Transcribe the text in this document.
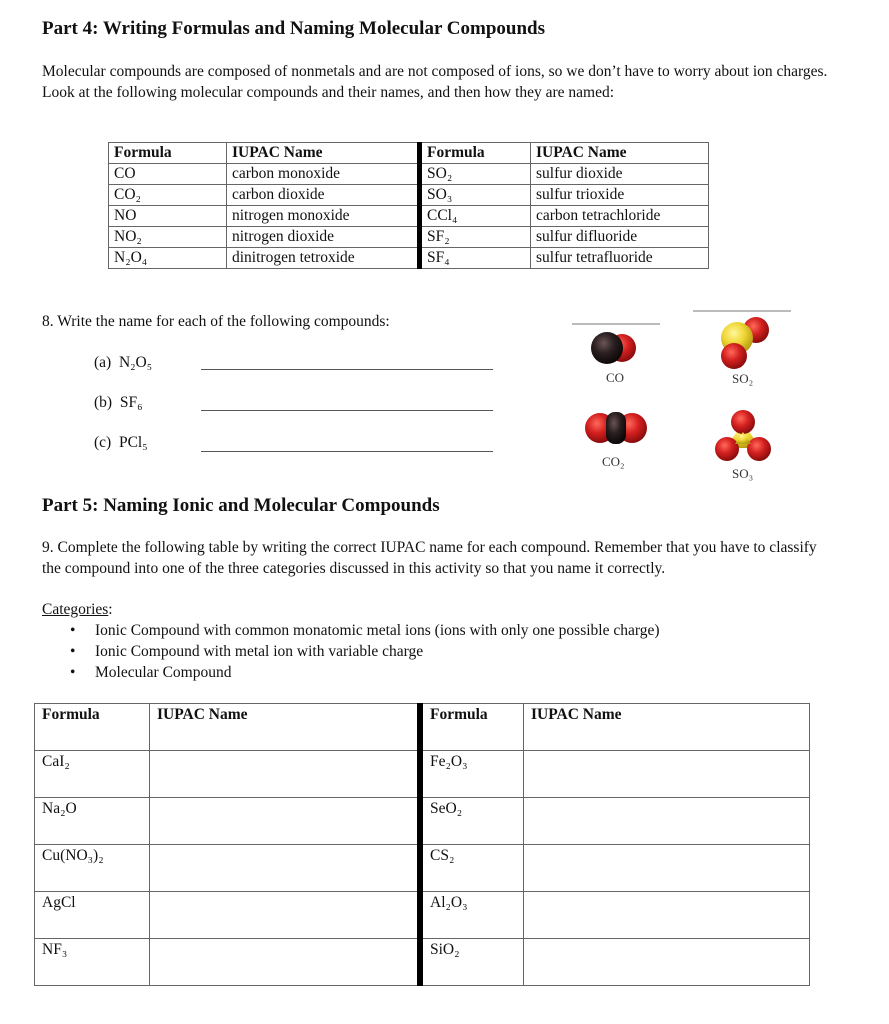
Part 4: Writing Formulas and Naming Molecular Compounds

Molecular compounds are composed of nonmetals and are not composed of ions, so we don’t have to worry about ion charges. Look at the following molecular compounds and their names, and then how they are named:

Formula	IUPAC Name	Formula	IUPAC Name
CO	carbon monoxide	SO₂	sulfur dioxide
CO₂	carbon dioxide	SO₃	sulfur trioxide
NO	nitrogen monoxide	CCl₄	carbon tetrachloride
NO₂	nitrogen dioxide	SF₂	sulfur difluoride
N₂O₄	dinitrogen tetroxide	SF₄	sulfur tetrafluoride

8. Write the name for each of the following compounds:

(a) N₂O₅
(b) SF₆
(c) PCl₅
CO	SO₂
CO₂
SO₃
Part 5: Naming Ionic and Molecular Compounds

9. Complete the following table by writing the correct IUPAC name for each compound. Remember that you have to classify the compound into one of the three categories discussed in this activity so that you name it correctly.

Categories:
• Ionic Compound with common monatomic metal ions (ions with only one possible charge)
• Ionic Compound with metal ion with variable charge
• Molecular Compound
Formula	IUPAC Name	Formula	IUPAC Name
CaI₂		Fe₂O₃	
Na₂O		SeO₂	
Cu(NO₃)₂		CS₂	
AgCl		Al₂O₃	
NF₃		SiO₂	
